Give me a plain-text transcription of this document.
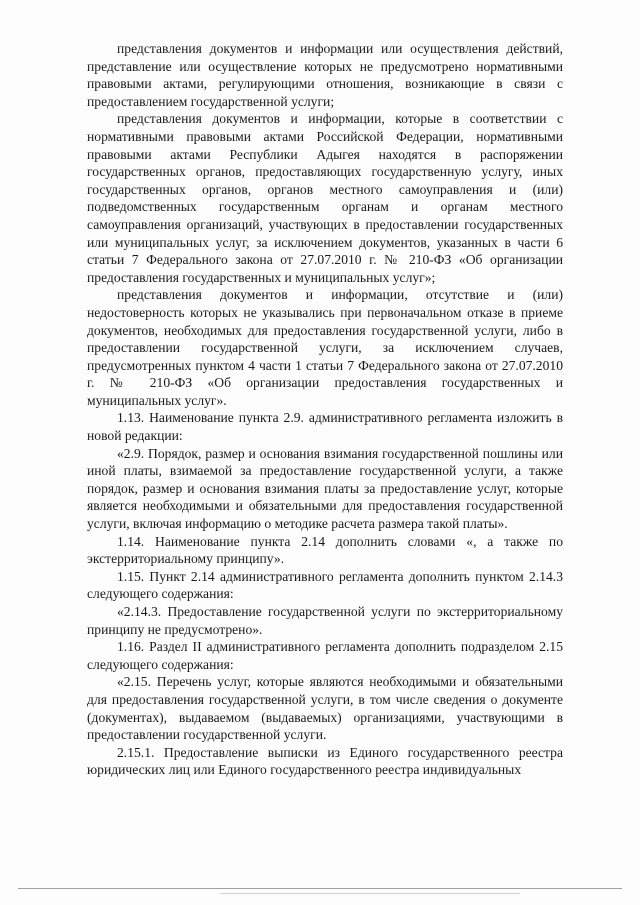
представления документов и информации или осуществления действий, представление или осуществление которых не предусмотрено нормативными правовыми актами, регулирующими отношения, возникающие в связи с предоставлением государственной услуги;

представления документов и информации, которые в соответствии с нормативными правовыми актами Российской Федерации, нормативными правовыми актами Республики Адыгея находятся в распоряжении государственных органов, предоставляющих государственную услугу, иных государственных органов, органов местного самоуправления и (или) подведомственных государственным органам и органам местного самоуправления организаций, участвующих в предоставлении государственных или муниципальных услуг, за исключением документов, указанных в части 6 статьи 7 Федерального закона от 27.07.2010 г. № 210-ФЗ «Об организации предоставления государственных и муниципальных услуг»;

представления документов и информации, отсутствие и (или) недостоверность которых не указывались при первоначальном отказе в приеме документов, необходимых для предоставления государственной услуги, либо в предоставлении государственной услуги, за исключением случаев, предусмотренных пунктом 4 части 1 статьи 7 Федерального закона от 27.07.2010 г. № 210-ФЗ «Об организации предоставления государственных и муниципальных услуг».

1.13. Наименование пункта 2.9. административного регламента изложить в новой редакции:

«2.9. Порядок, размер и основания взимания государственной пошлины или иной платы, взимаемой за предоставление государственной услуги, а также порядок, размер и основания взимания платы за предоставление услуг, которые является необходимыми и обязательными для предоставления государственной услуги, включая информацию о методике расчета размера такой платы».

1.14. Наименование пункта 2.14 дополнить словами «, а также по экстерриториальному принципу».

1.15. Пункт 2.14 административного регламента дополнить пунктом 2.14.3 следующего содержания:

«2.14.3. Предоставление государственной услуги по экстерриториальному принципу не предусмотрено».

1.16. Раздел II административного регламента дополнить подразделом 2.15 следующего содержания:

«2.15. Перечень услуг, которые являются необходимыми и обязательными для предоставления государственной услуги, в том числе сведения о документе (документах), выдаваемом (выдаваемых) организациями, участвующими в предоставлении государственной услуги.

2.15.1. Предоставление выписки из Единого государственного реестра юридических лиц или Единого государственного реестра индивидуальных
